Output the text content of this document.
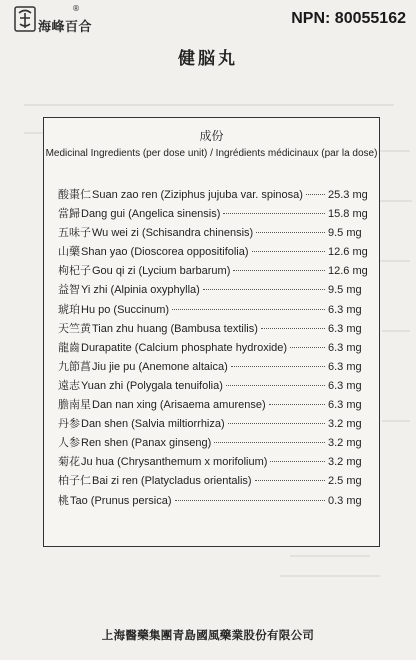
海峰百合
®
NPN: 80055162
健脳丸
成份
Medicinal Ingredients (per dose unit) / Ingrédients médicinaux (par la dose)
酸棗仁 Suan zao ren (Ziziphus jujuba var. spinosa) 25.3 mg
當歸 Dang gui (Angelica sinensis)	15.8 mg
五味子 Wu wei zi (Schisandra chinensis)	9.5 mg
山藥 Shan yao (Dioscorea oppositifolia)	12.6 mg
枸杞子 Gou qi zi (Lycium barbarum)	12.6 mg
益智 Yi zhi (Alpinia oxyphylla)	9.5 mg
琥珀 Hu po (Succinum)	6.3 mg
天竺黄 Tian zhu huang (Bambusa textilis)	6.3 mg
龍齒 Durapatite (Calcium phosphate hydroxide)	6.3 mg
九節菖 Jiu jie pu (Anemone altaica)	6.3 mg
遠志 Yuan zhi (Polygala tenuifolia)	6.3 mg
膽南星 Dan nan xing (Arisaema amurense)	6.3 mg
丹参 Dan shen (Salvia miltiorrhiza)	3.2 mg
人参 Ren shen (Panax ginseng)	3.2 mg
菊花 Ju hua (Chrysanthemum x morifolium)	3.2 mg
柏子仁 Bai zi ren (Platycladus orientalis)	2.5 mg
桃 Tao (Prunus persica)	0.3 mg
上海醫藥集團青島國風藥業股份有限公司
